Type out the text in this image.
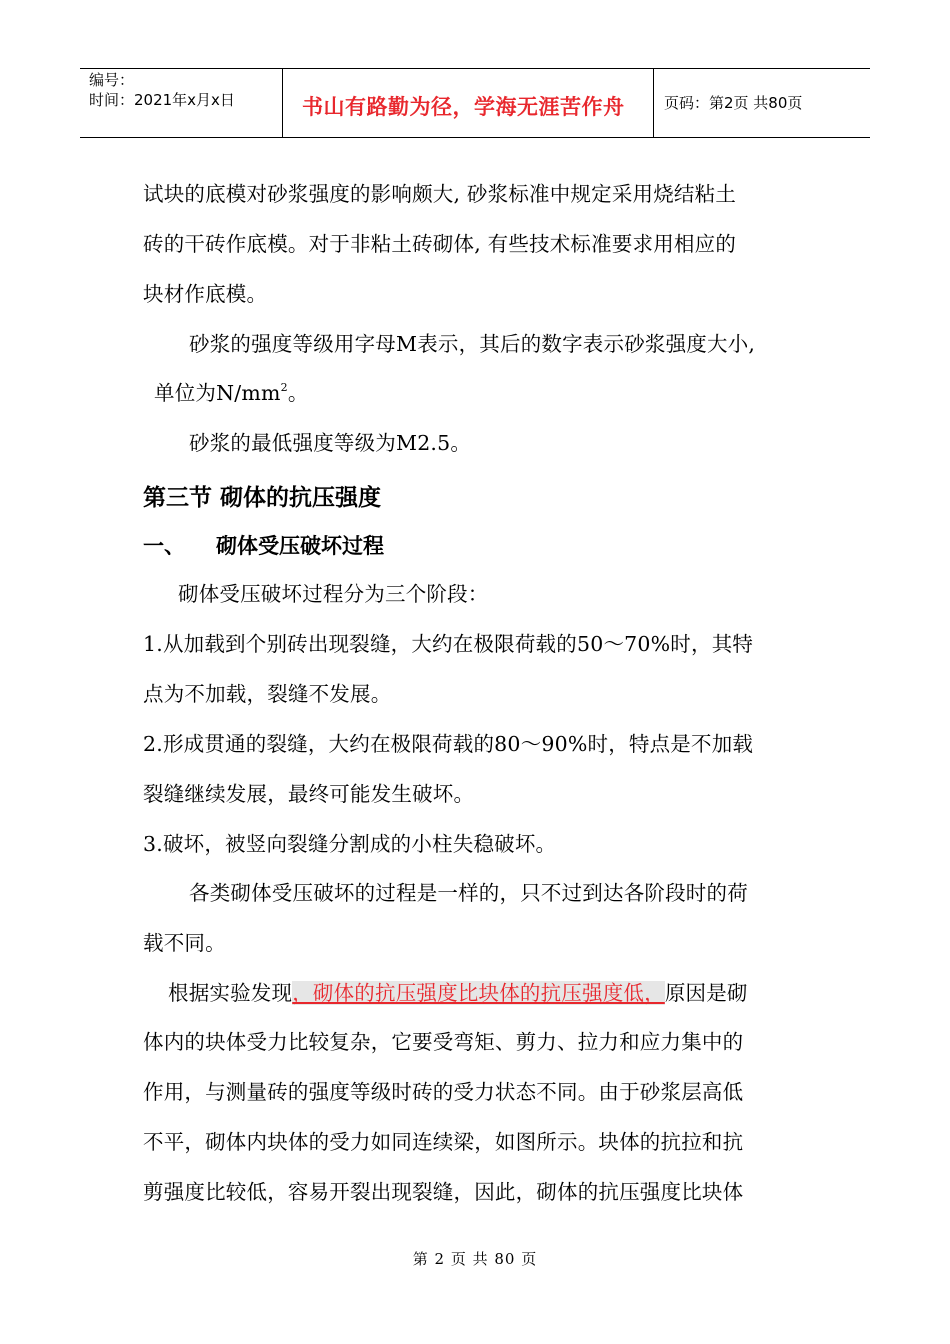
编号：
时间：2021年x月x日	书山有路勤为径，学海无涯苦作舟	页码：第2页 共80页
试块的底模对砂浆强度的影响颇大, 砂浆标准中规定采用烧结粘土
砖的干砖作底模。对于非粘土砖砌体, 有些技术标准要求用相应的
块材作底模。
砂浆的强度等级用字母M表示，其后的数字表示砂浆强度大小,
单位为$N/mm^2$。
砂浆的最低强度等级为M2.5。
第三节 砌体的抗压强度
一、 砌体受压破坏过程
砌体受压破坏过程分为三个阶段：
1.从加载到个别砖出现裂缝，大约在极限荷载的50～70%时，其特
点为不加载，裂缝不发展。
2.形成贯通的裂缝，大约在极限荷载的80～90%时，特点是不加载
裂缝继续发展，最终可能发生破坏。
3.破坏，被竖向裂缝分割成的小柱失稳破坏。
各类砌体受压破坏的过程是一样的，只不过到达各阶段时的荷
载不同。
根据实验发现，砌体的抗压强度比块体的抗压强度低，原因是砌
体内的块体受力比较复杂，它要受弯矩、剪力、拉力和应力集中的
作用，与测量砖的强度等级时砖的受力状态不同。由于砂浆层高低
不平，砌体内块体的受力如同连续梁，如图所示。块体的抗拉和抗
剪强度比较低，容易开裂出现裂缝，因此，砌体的抗压强度比块体
第 2 页 共 80 页
